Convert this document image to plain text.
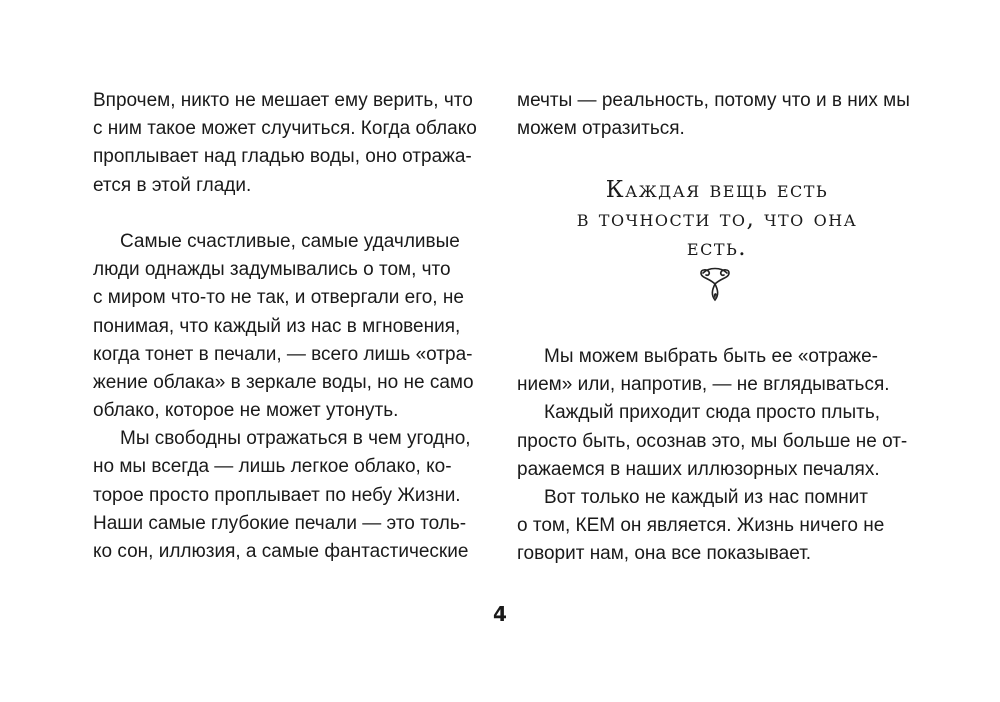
Впрочем, никто не мешает ему верить, что
с ним такое может случиться. Когда облако
проплывает над гладью воды, оно отража-
ется в этой глади.
Самые счастливые, самые удачливые
люди однажды задумывались о том, что
с миром что-то не так, и отвергали его, не
понимая, что каждый из нас в мгновения,
когда тонет в печали, — всего лишь «отра-
жение облака» в зеркале воды, но не само
облако, которое не может утонуть.
Мы свободны отражаться в чем угодно,
но мы всегда — лишь легкое облако, ко-
торое просто проплывает по небу Жизни.
Наши самые глубокие печали — это толь-
ко сон, иллюзия, а самые фантастические
мечты — реальность, потому что и в них мы
можем отразиться.
Каждая вещь есть
в точности то, что она
есть.
Мы можем выбрать быть ее «отраже-
нием» или, напротив, — не вглядываться.
Каждый приходит сюда просто плыть,
просто быть, осознав это, мы больше не от-
ражаемся в наших иллюзорных печалях.
Вот только не каждый из нас помнит
о том, КЕМ он является. Жизнь ничего не
говорит нам, она все показывает.
4
